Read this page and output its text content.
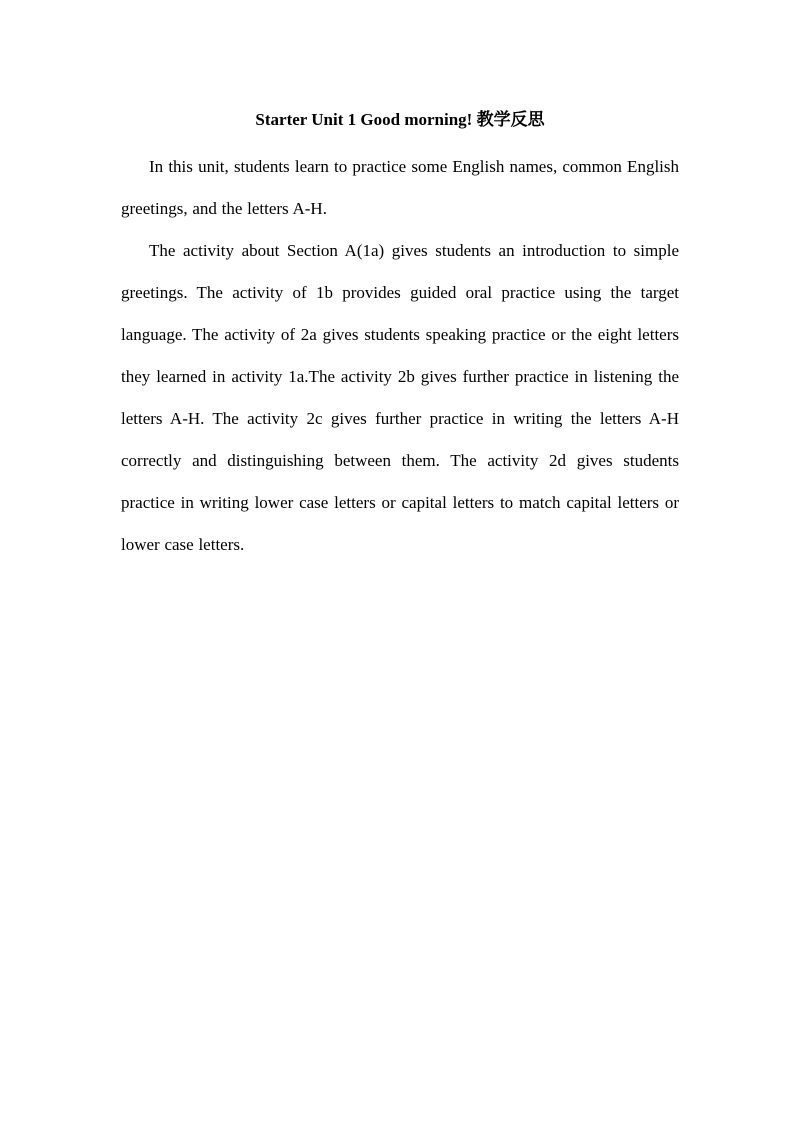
Starter Unit 1 Good morning! 教学反思

In this unit, students learn to practice some English names, common English greetings, and the letters A-H.

The activity about Section A(1a) gives students an introduction to simple greetings. The activity of 1b provides guided oral practice using the target language. The activity of 2a gives students speaking practice or the eight letters they learned in activity 1a.The activity 2b gives further practice in listening the letters A-H. The activity 2c gives further practice in writing the letters A-H correctly and distinguishing between them. The activity 2d gives students practice in writing lower case letters or capital letters to match capital letters or lower case letters.
